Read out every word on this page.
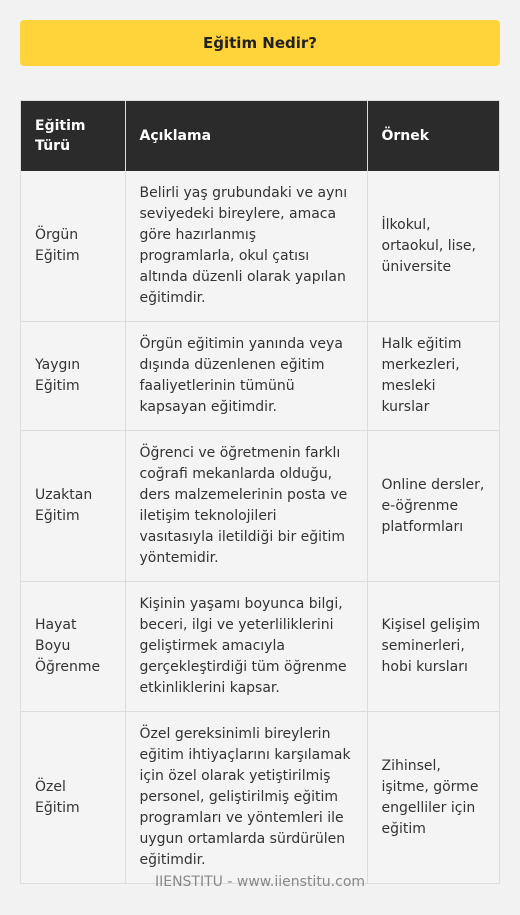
Eğitim Nedir?
Eğitim Türü	Açıklama	Örnek
Örgün Eğitim	Belirli yaş grubundaki ve aynı seviyedeki bireylere, amaca göre hazırlanmış programlarla, okul çatısı altında düzenli olarak yapılan eğitimdir.	İlkokul, ortaokul, lise, üniversite
Yaygın Eğitim	Örgün eğitimin yanında veya dışında düzenlenen eğitim faaliyetlerinin tümünü kapsayan eğitimdir.	Halk eğitim merkezleri, mesleki kurslar
Uzaktan Eğitim	Öğrenci ve öğretmenin farklı coğrafi mekanlarda olduğu, ders malzemelerinin posta ve iletişim teknolojileri vasıtasıyla iletildiği bir eğitim yöntemidir.	Online dersler, e-öğrenme platformları
Hayat Boyu Öğrenme	Kişinin yaşamı boyunca bilgi, beceri, ilgi ve yeterliliklerini geliştirmek amacıyla gerçekleştirdiği tüm öğrenme etkinliklerini kapsar.	Kişisel gelişim seminerleri, hobi kursları
Özel Eğitim	Özel gereksinimli bireylerin eğitim ihtiyaçlarını karşılamak için özel olarak yetiştirilmiş personel, geliştirilmiş eğitim programları ve yöntemleri ile uygun ortamlarda sürdürülen eğitimdir.	Zihinsel, işitme, görme engelliler için eğitim
IIENSTITU - www.iienstitu.com
